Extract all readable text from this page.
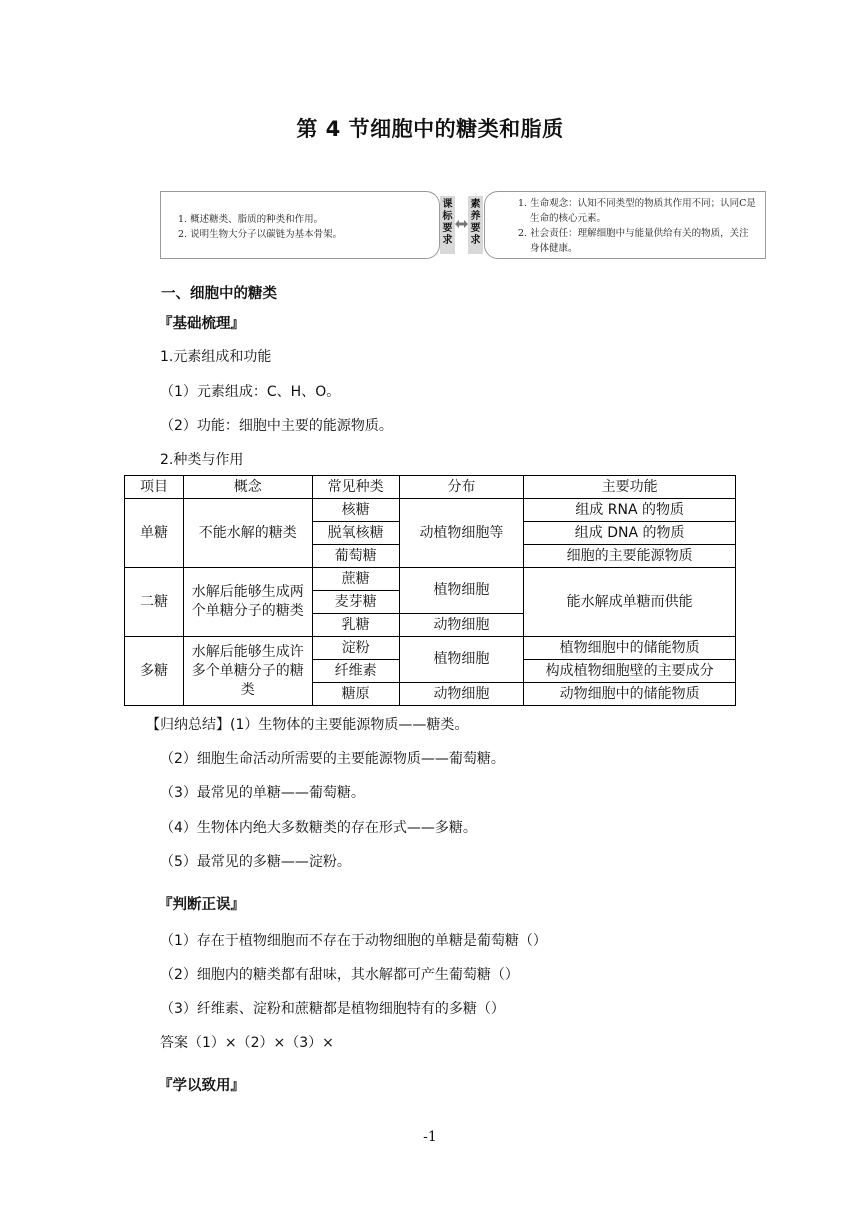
第 4 节细胞中的糖类和脂质
1. 概述糖类、脂质的种类和作用。
2. 说明生物大分子以碳链为基本骨架。
课
标
要
求
素
养
要
求
1. 生命观念：认知不同类型的物质其作用不同；认同C是生命的核心元素。
2. 社会责任：理解细胞中与能量供给有关的物质，关注身体健康。
一、细胞中的糖类
『基础梳理』
1.元素组成和功能
（1）元素组成：C、H、O。
（2）功能：细胞中主要的能源物质。
2.种类与作用
项目	概念	常见种类	分布	主要功能
单糖	不能水解的糖类	核糖	动植物细胞等	组成 RNA 的物质
		脱氧核糖		组成 DNA 的物质
		葡萄糖		细胞的主要能源物质
二糖	水解后能够生成两个单糖分子的糖类	蔗糖	植物细胞	能水解成单糖而供能
		麦芽糖		
		乳糖	动物细胞	
多糖	水解后能够生成许多个单糖分子的糖类	淀粉	植物细胞	植物细胞中的储能物质
		纤维素		构成植物细胞壁的主要成分
		糖原	动物细胞	动物细胞中的储能物质
【归纳总结】(1）生物体的主要能源物质——糖类。
（2）细胞生命活动所需要的主要能源物质——葡萄糖。
（3）最常见的单糖——葡萄糖。
（4）生物体内绝大多数糖类的存在形式——多糖。
（5）最常见的多糖——淀粉。
『判断正误』
（1）存在于植物细胞而不存在于动物细胞的单糖是葡萄糖（）
（2）细胞内的糖类都有甜味，其水解都可产生葡萄糖（）
（3）纤维素、淀粉和蔗糖都是植物细胞特有的多糖（）
答案（1）×（2）×（3）×
『学以致用』
-1
